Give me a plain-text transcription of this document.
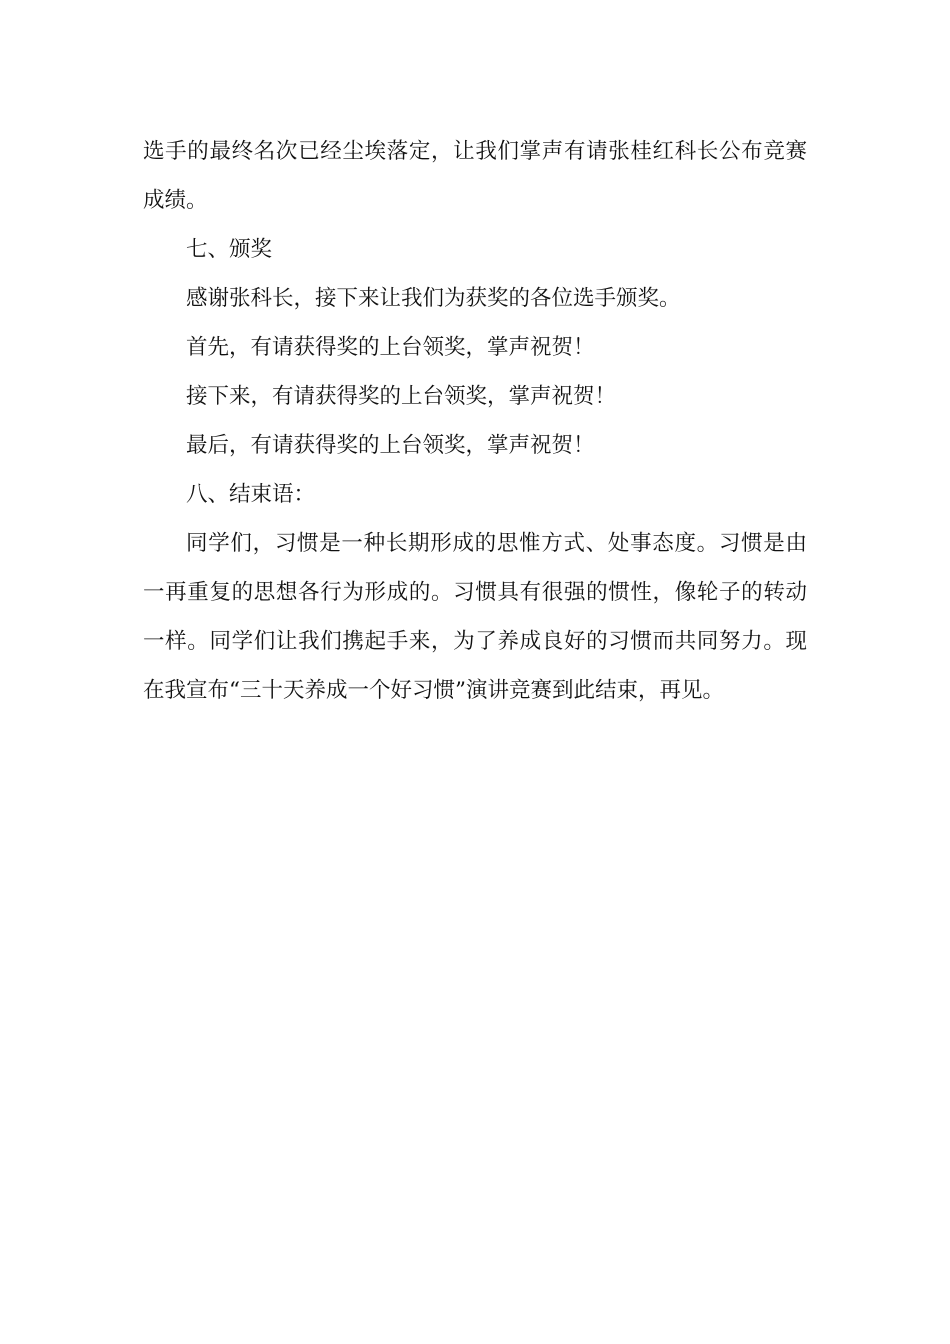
选手的最终名次已经尘埃落定，让我们掌声有请张桂红科长公布竞赛成绩。

七、颁奖

感谢张科长，接下来让我们为获奖的各位选手颁奖。

首先，有请获得奖的上台领奖，掌声祝贺！

接下来，有请获得奖的上台领奖，掌声祝贺！

最后，有请获得奖的上台领奖，掌声祝贺！

八、结束语：

同学们，习惯是一种长期形成的思惟方式、处事态度。习惯是由一再重复的思想各行为形成的。习惯具有很强的惯性，像轮子的转动一样。同学们让我们携起手来，为了养成良好的习惯而共同努力。现在我宣布“三十天养成一个好习惯”演讲竞赛到此结束，再见。
